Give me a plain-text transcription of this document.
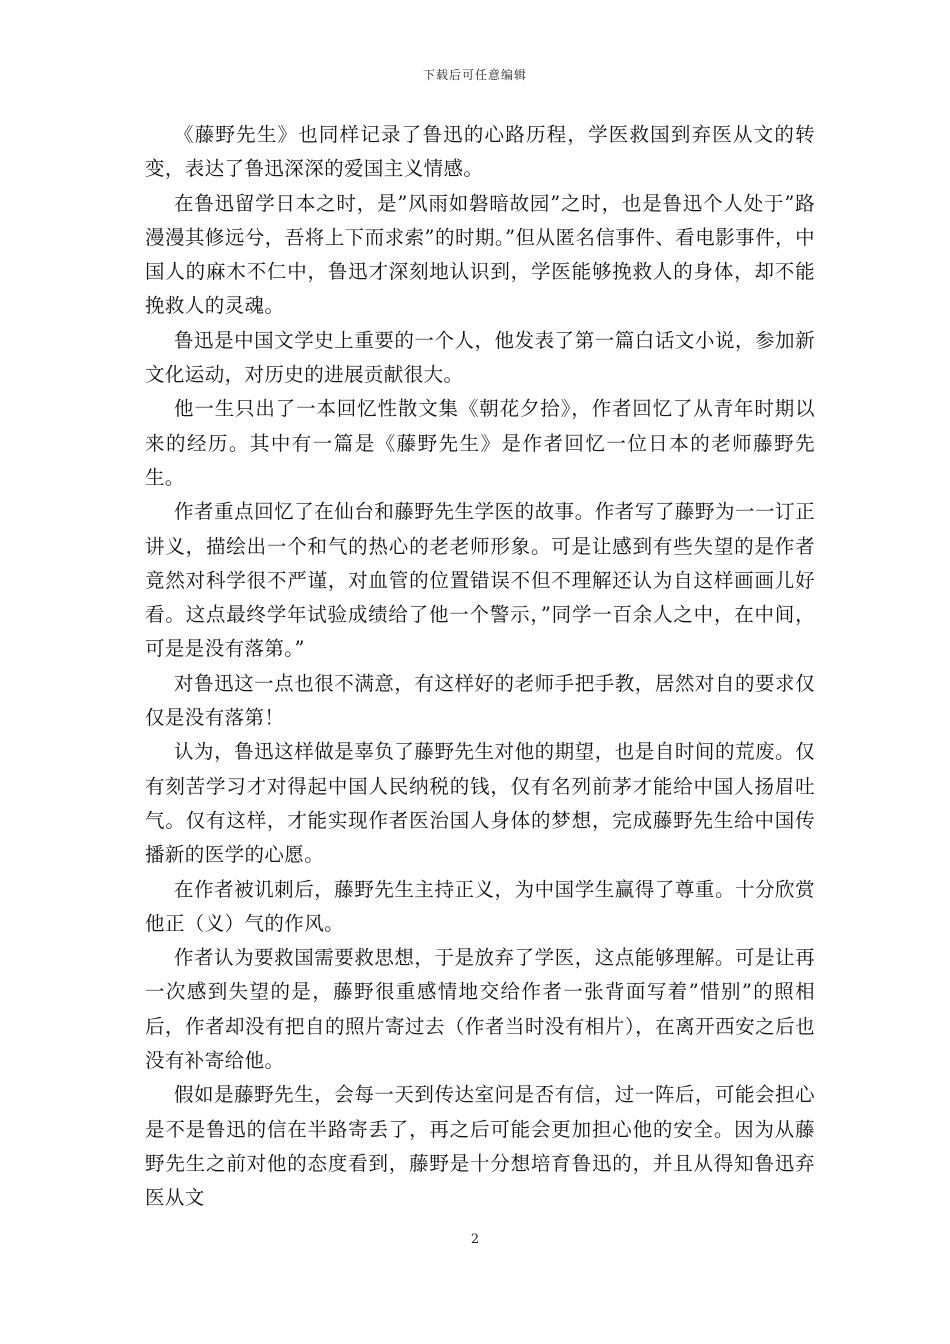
下载后可任意编辑

《藤野先生》也同样记录了鲁迅的心路历程，学医救国到弃医从文的转变，表达了鲁迅深深的爱国主义情感。

在鲁迅留学日本之时，是”风雨如磐暗故园”之时，也是鲁迅个人处于”路漫漫其修远兮，吾将上下而求索”的时期。”但从匿名信事件、看电影事件，中国人的麻木不仁中，鲁迅才深刻地认识到，学医能够挽救人的身体，却不能挽救人的灵魂。

鲁迅是中国文学史上重要的一个人，他发表了第一篇白话文小说，参加新文化运动，对历史的进展贡献很大。

他一生只出了一本回忆性散文集《朝花夕拾》，作者回忆了从青年时期以来的经历。其中有一篇是《藤野先生》是作者回忆一位日本的老师藤野先生。

作者重点回忆了在仙台和藤野先生学医的故事。作者写了藤野为一一订正讲义，描绘出一个和气的热心的老老师形象。可是让感到有些失望的是作者竟然对科学很不严谨，对血管的位置错误不但不理解还认为自这样画画儿好看。这点最终学年试验成绩给了他一个警示，”同学一百余人之中，在中间，可是是没有落第。”

对鲁迅这一点也很不满意，有这样好的老师手把手教，居然对自的要求仅仅是没有落第！

认为，鲁迅这样做是辜负了藤野先生对他的期望，也是自时间的荒废。仅有刻苦学习才对得起中国人民纳税的钱，仅有名列前茅才能给中国人扬眉吐气。仅有这样，才能实现作者医治国人身体的梦想，完成藤野先生给中国传播新的医学的心愿。

在作者被讥刺后，藤野先生主持正义，为中国学生赢得了尊重。十分欣赏他正（义）气的作风。

作者认为要救国需要救思想，于是放弃了学医，这点能够理解。可是让再一次感到失望的是，藤野很重感情地交给作者一张背面写着”惜别”的照相后，作者却没有把自的照片寄过去（作者当时没有相片），在离开西安之后也没有补寄给他。

假如是藤野先生，会每一天到传达室问是否有信，过一阵后，可能会担心是不是鲁迅的信在半路寄丢了，再之后可能会更加担心他的安全。因为从藤野先生之前对他的态度看到，藤野是十分想培育鲁迅的，并且从得知鲁迅弃医从文

2
